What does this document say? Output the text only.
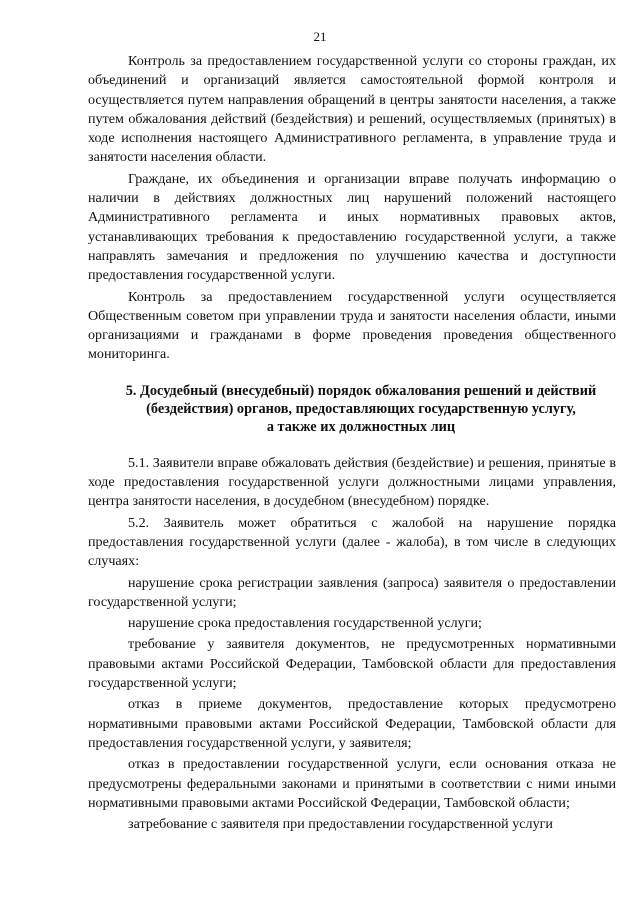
21

Контроль за предоставлением государственной услуги со стороны граждан, их объединений и организаций является самостоятельной формой контроля и осуществляется путем направления обращений в центры занятости населения, а также путем обжалования действий (бездействия) и решений, осуществляемых (принятых) в ходе исполнения настоящего Административного регламента, в управление труда и занятости населения области.

Граждане, их объединения и организации вправе получать информацию о наличии в действиях должностных лиц нарушений положений настоящего Административного регламента и иных нормативных правовых актов, устанавливающих требования к предоставлению государственной услуги, а также направлять замечания и предложения по улучшению качества и доступности предоставления государственной услуги.

Контроль за предоставлением государственной услуги осуществляется Общественным советом при управлении труда и занятости населения области, иными организациями и гражданами в форме проведения проведения общественного мониторинга.

5. Досудебный (внесудебный) порядок обжалования решений и действий
(бездействия) органов, предоставляющих государственную услугу,
а также их должностных лиц

5.1. Заявители вправе обжаловать действия (бездействие) и решения, принятые в ходе предоставления государственной услуги должностными лицами управления, центра занятости населения, в досудебном (внесудебном) порядке.

5.2. Заявитель может обратиться с жалобой на нарушение порядка предоставления государственной услуги (далее - жалоба), в том числе в следующих случаях:

нарушение срока регистрации заявления (запроса) заявителя о предоставлении государственной услуги;

нарушение срока предоставления государственной услуги;

требование у заявителя документов, не предусмотренных нормативными правовыми актами Российской Федерации, Тамбовской области для предоставления государственной услуги;

отказ в приеме документов, предоставление которых предусмотрено нормативными правовыми актами Российской Федерации, Тамбовской области для предоставления государственной услуги, у заявителя;

отказ в предоставлении государственной услуги, если основания отказа не предусмотрены федеральными законами и принятыми в соответствии с ними иными нормативными правовыми актами Российской Федерации, Тамбовской области;

затребование с заявителя при предоставлении государственной услуги
